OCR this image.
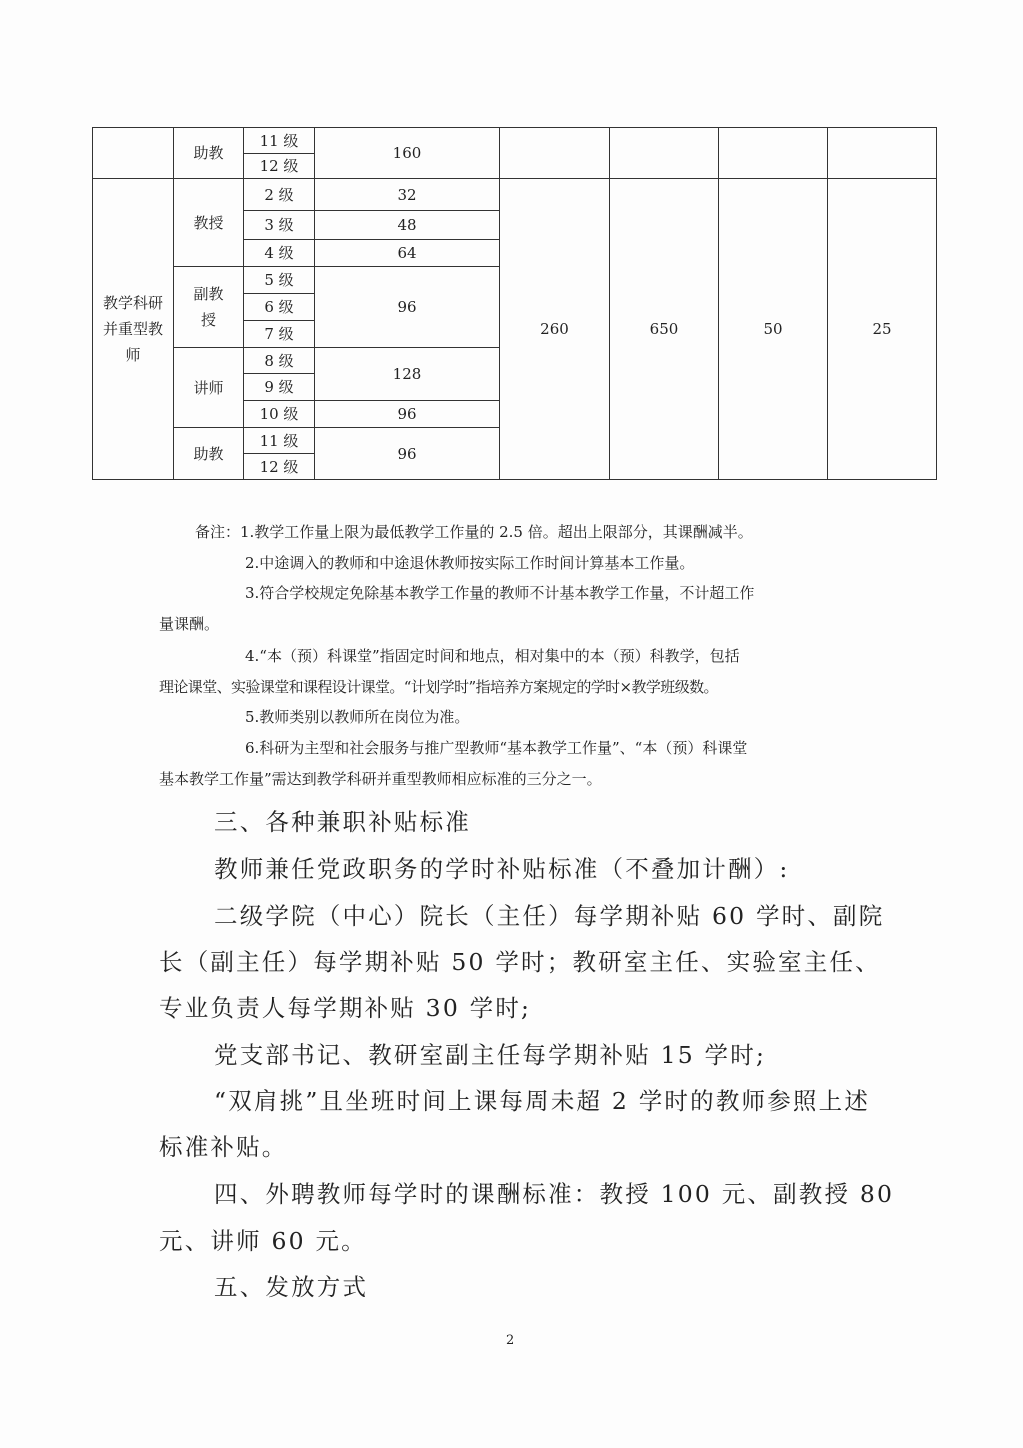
	助教	11 级	160				
		12 级					
教学科研并重型教师	教授	2 级	32	260	650	50	25
		3 级	48				
		4 级	64				
	副教授	5 级	96				
		6 级					
		7 级					
	讲师	8 级	128				
		9 级					
		10 级	96				
	助教	11 级	96				
		12 级					
备注：1.教学工作量上限为最低教学工作量的 2.5 倍。超出上限部分，其课酬减半。
2.中途调入的教师和中途退休教师按实际工作时间计算基本工作量。
3.符合学校规定免除基本教学工作量的教师不计基本教学工作量，不计超工作
量课酬。
4.“本（预）科课堂”指固定时间和地点，相对集中的本（预）科教学，包括
理论课堂、实验课堂和课程设计课堂。“计划学时”指培养方案规定的学时×教学班级数。
5.教师类别以教师所在岗位为准。
6.科研为主型和社会服务与推广型教师“基本教学工作量”、“本（预）科课堂
基本教学工作量”需达到教学科研并重型教师相应标准的三分之一。
三、各种兼职补贴标准
教师兼任党政职务的学时补贴标准（不叠加计酬）:
二级学院（中心）院长（主任）每学期补贴 60 学时、副院
长（副主任）每学期补贴 50 学时；教研室主任、实验室主任、
专业负责人每学期补贴 30 学时;
党支部书记、教研室副主任每学期补贴 15 学时;
“双肩挑”且坐班时间上课每周未超 2 学时的教师参照上述
标准补贴。
四、外聘教师每学时的课酬标准：教授 100 元、副教授 80
元、讲师 60 元。
五、发放方式
2
